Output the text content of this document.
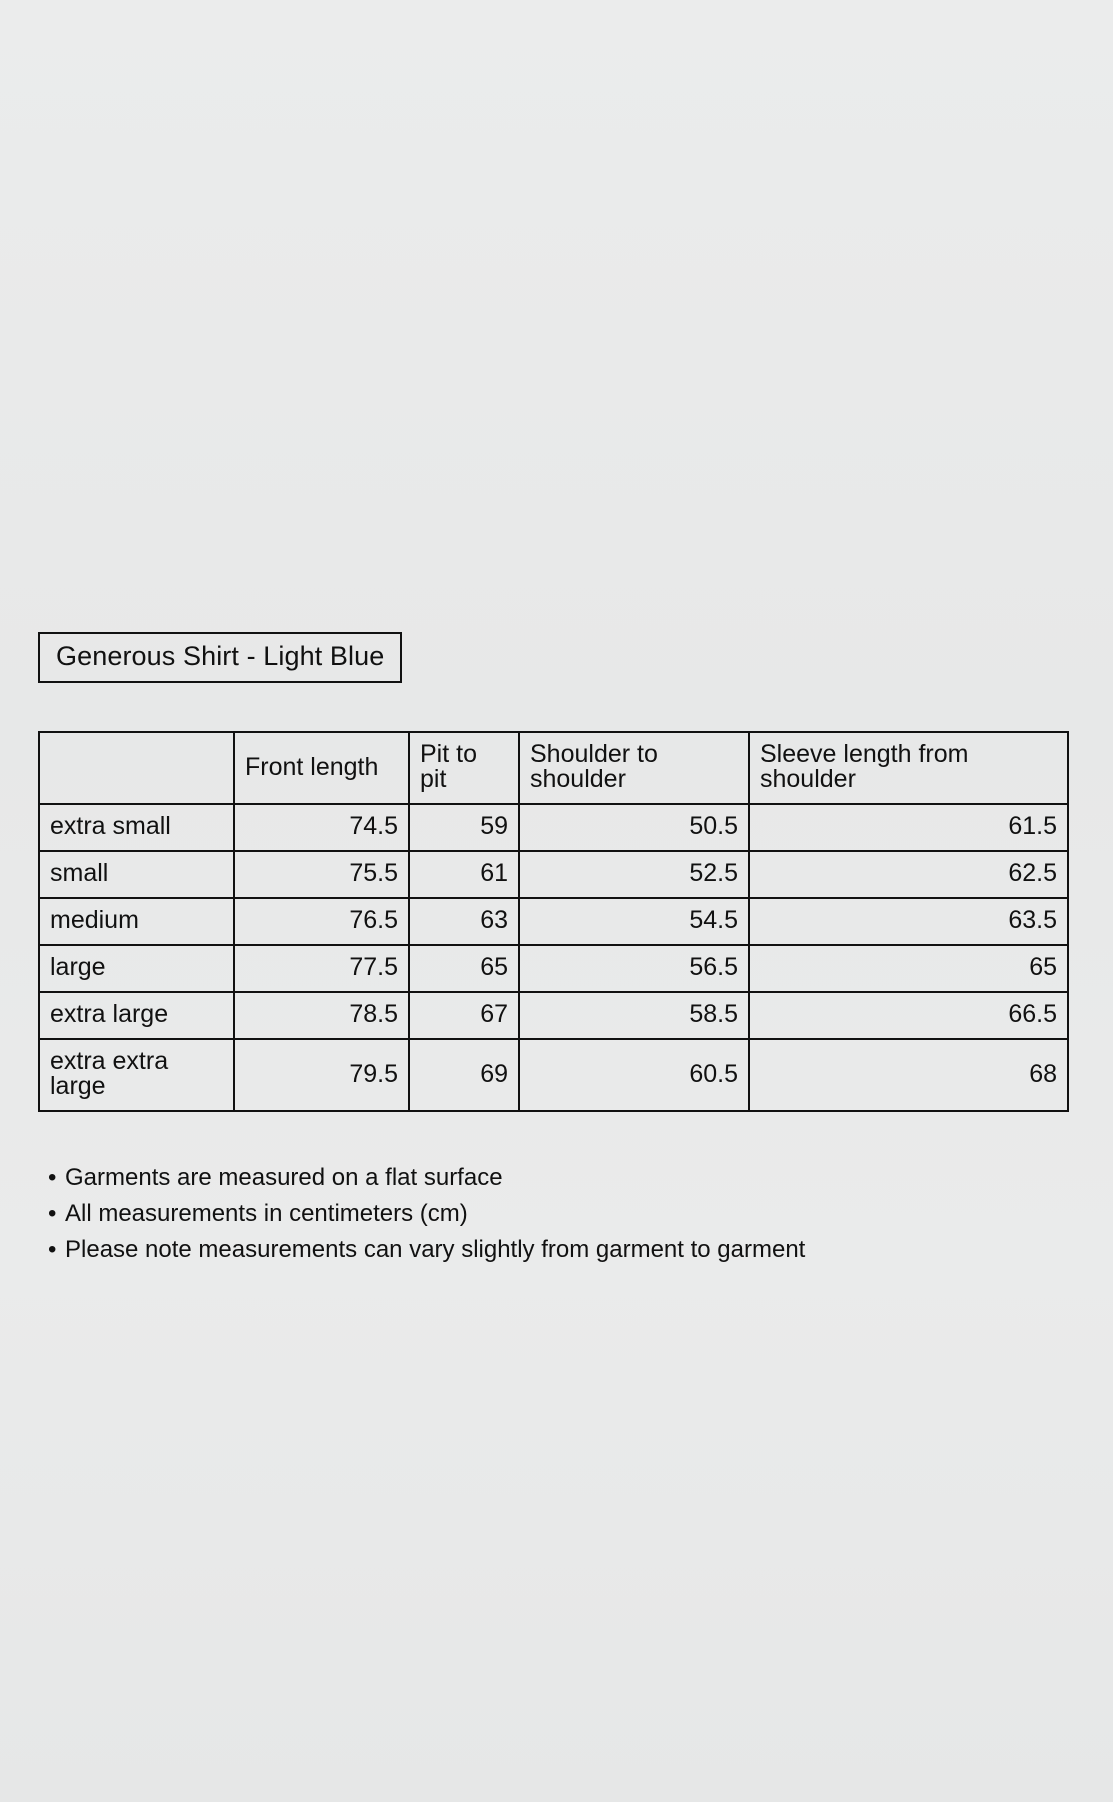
Generous Shirt - Light Blue
	Front length	Pit to pit	Shoulder to shoulder	Sleeve length from shoulder
extra small	74.5	59	50.5	61.5
small	75.5	61	52.5	62.5
medium	76.5	63	54.5	63.5
large	77.5	65	56.5	65
extra large	78.5	67	58.5	66.5
extra extra large	79.5	69	60.5	68
• Garments are measured on a flat surface
• All measurements in centimeters (cm)
• Please note measurements can vary slightly from garment to garment
